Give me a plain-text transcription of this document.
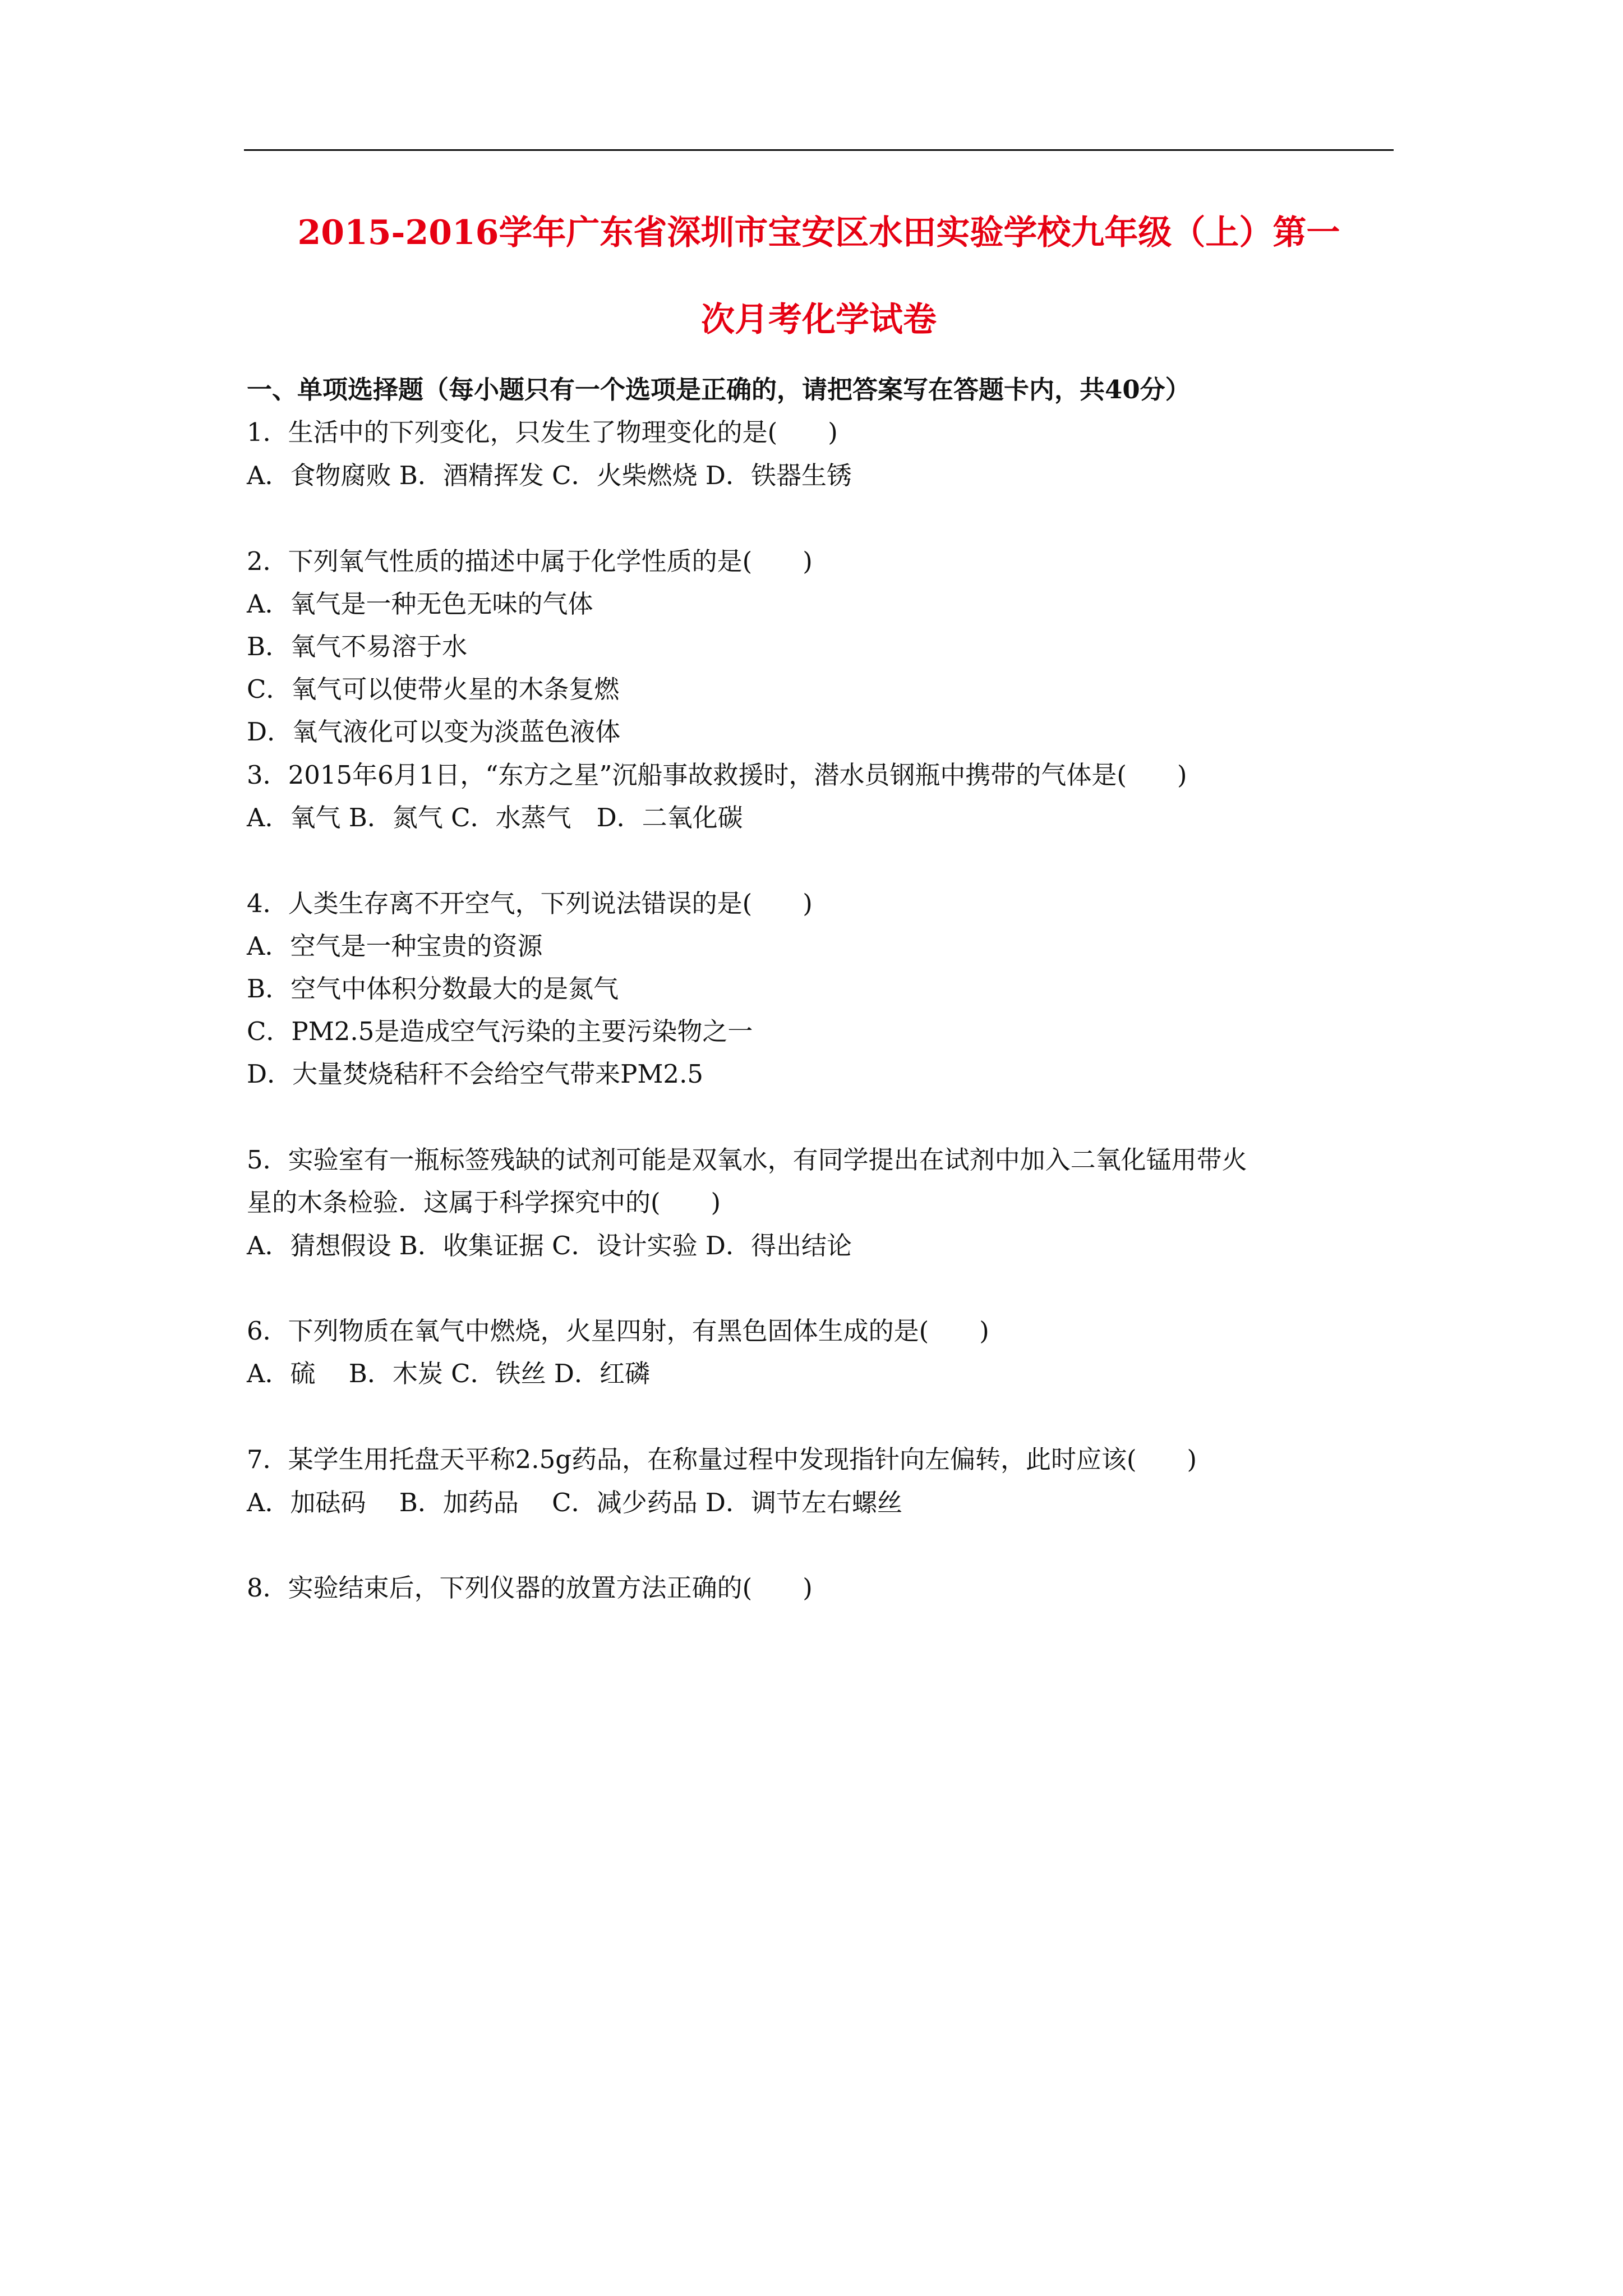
2015-2016学年广东省深圳市宝安区水田实验学校九年级（上）第一
次月考化学试卷
一、单项选择题（每小题只有一个选项是正确的，请把答案写在答题卡内，共40分）
1．生活中的下列变化，只发生了物理变化的是(　　)
A．食物腐败 B．酒精挥发 C．火柴燃烧 D．铁器生锈
2．下列氧气性质的描述中属于化学性质的是(　　)
A．氧气是一种无色无味的气体
B．氧气不易溶于水
C．氧气可以使带火星的木条复燃
D．氧气液化可以变为淡蓝色液体
3．2015年6月1日，“东方之星”沉船事故救援时，潜水员钢瓶中携带的气体是(　　)
A．氧气 B．氮气 C．水蒸气　D．二氧化碳
4．人类生存离不开空气，下列说法错误的是(　　)
A．空气是一种宝贵的资源
B．空气中体积分数最大的是氮气
C．PM2.5是造成空气污染的主要污染物之一
D．大量焚烧秸秆不会给空气带来PM2.5
5．实验室有一瓶标签残缺的试剂可能是双氧水，有同学提出在试剂中加入二氧化锰用带火
星的木条检验．这属于科学探究中的(　　)
A．猜想假设 B．收集证据 C．设计实验 D．得出结论
6．下列物质在氧气中燃烧，火星四射，有黑色固体生成的是(　　)
A．硫　 B．木炭 C．铁丝 D．红磷
7．某学生用托盘天平称2.5g药品，在称量过程中发现指针向左偏转，此时应该(　　)
A．加砝码　 B．加药品　 C．减少药品 D．调节左右螺丝
8．实验结束后，下列仪器的放置方法正确的(　　)
